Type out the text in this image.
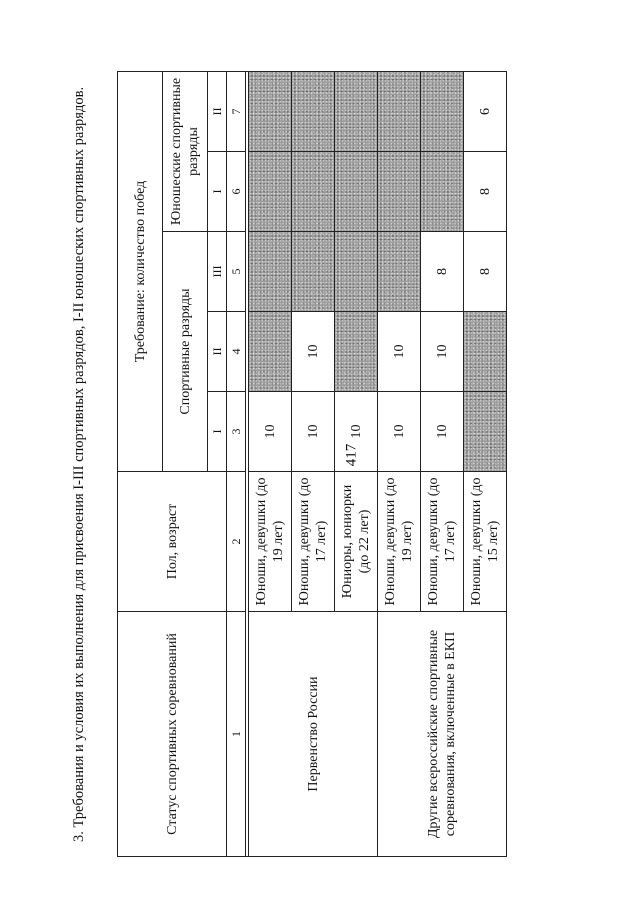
417
3. Требования и условия их выполнения для присвоения I-III спортивных разрядов, I-II юношеских спортивных разрядов.	Статус спортивных соревнований	Пол, возраст	Требование: количество побед				
		Спортивные разряды			Юношеские спортивные разряды	
		I	II	III	I	II
1	2	3	4	5	6	7

Первенство России	Юноши, девушки (до 19 лет)	10				
	Юноши, девушки (до 17 лет)	10	10			
	Юниоры, юниорки (до 22 лет)	10				
Другие всероссийские спортивные соревнования, включенные в ЕКП	Юноши, девушки (до 19 лет)	10	10			
	Юноши, девушки (до 17 лет)	10	10	8		
	Юноши, девушки (до 15 лет)			8	8	6
